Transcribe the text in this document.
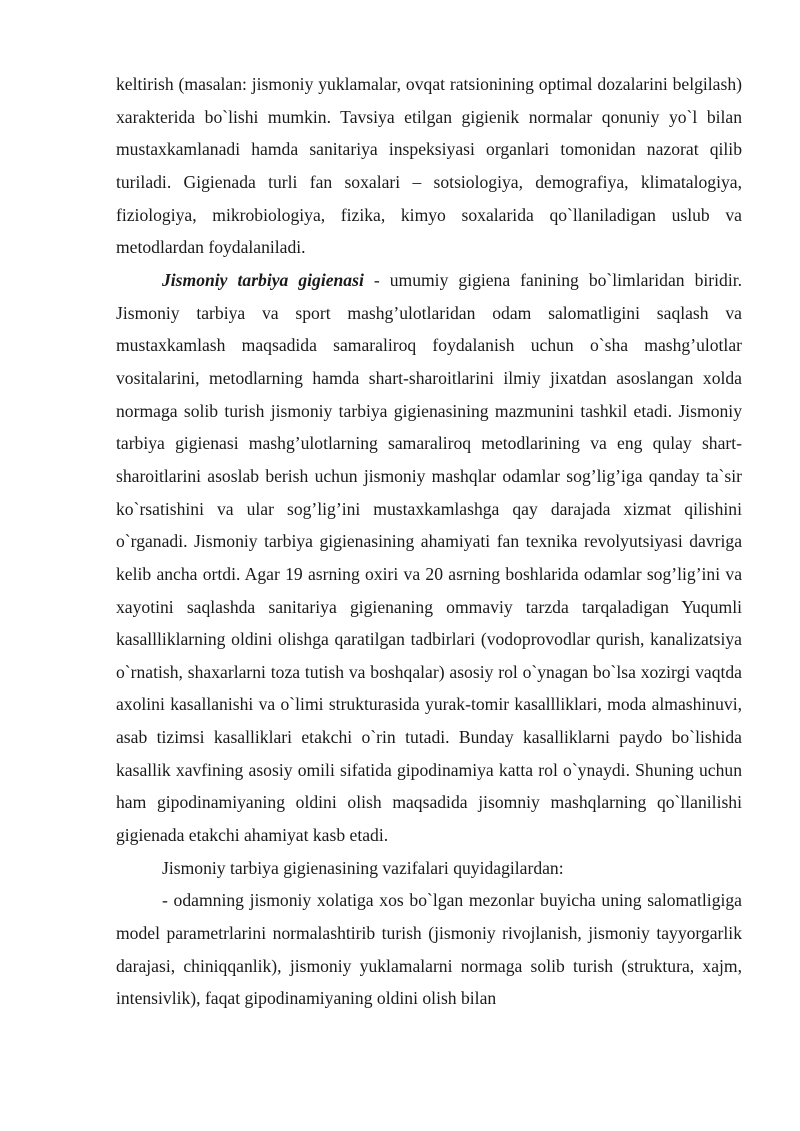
keltirish (masalan: jismoniy yuklamalar, ovqat ratsionining optimal dozalarini belgilash) xarakterida bo`lishi mumkin. Tavsiya etilgan gigienik normalar qonuniy yo`l bilan mustaxkamlanadi hamda sanitariya inspeksiyasi organlari tomonidan nazorat qilib turiladi. Gigienada turli fan soxalari – sotsiologiya, demografiya, klimatalogiya, fiziologiya, mikrobiologiya, fizika, kimyo soxalarida qo`llaniladigan uslub va metodlardan foydalaniladi.

Jismoniy tarbiya gigienasi - umumiy gigiena fanining bo`limlaridan biridir. Jismoniy tarbiya va sport mashg’ulotlaridan odam salomatligini saqlash va mustaxkamlash maqsadida samaraliroq foydalanish uchun o`sha mashg’ulotlar vositalarini, metodlarning hamda shart-sharoitlarini ilmiy jixatdan asoslangan xolda normaga solib turish jismoniy tarbiya gigienasining mazmunini tashkil etadi. Jismoniy tarbiya gigienasi mashg’ulotlarning samaraliroq metodlarining va eng qulay shart-sharoitlarini asoslab berish uchun jismoniy mashqlar odamlar sog’lig’iga qanday ta`sir ko`rsatishini va ular sog’lig’ini mustaxkamlashga qay darajada xizmat qilishini o`rganadi. Jismoniy tarbiya gigienasining ahamiyati fan texnika revolyutsiyasi davriga kelib ancha ortdi. Agar 19 asrning oxiri va 20 asrning boshlarida odamlar sog’lig’ini va xayotini saqlashda sanitariya gigienaning ommaviy tarzda tarqaladigan Yuqumli kasallliklarning oldini olishga qaratilgan tadbirlari (vodoprovodlar qurish, kanalizatsiya o`rnatish, shaxarlarni toza tutish va boshqalar) asosiy rol o`ynagan bo`lsa xozirgi vaqtda axolini kasallanishi va o`limi strukturasida yurak-tomir kasallliklari, moda almashinuvi, asab tizimsi kasalliklari etakchi o`rin tutadi. Bunday kasalliklarni paydo bo`lishida kasallik xavfining asosiy omili sifatida gipodinamiya katta rol o`ynaydi. Shuning uchun ham gipodinamiyaning oldini olish maqsadida jisomniy mashqlarning qo`llanilishi gigienada etakchi ahamiyat kasb etadi.

Jismoniy tarbiya gigienasining vazifalari quyidagilardan:

- odamning jismoniy xolatiga xos bo`lgan mezonlar buyicha uning salomatligiga model parametrlarini normalashtirib turish (jismoniy rivojlanish, jismoniy tayyorgarlik darajasi, chiniqqanlik), jismoniy yuklamalarni normaga solib turish (struktura, xajm, intensivlik), faqat gipodinamiyaning oldini olish bilan
